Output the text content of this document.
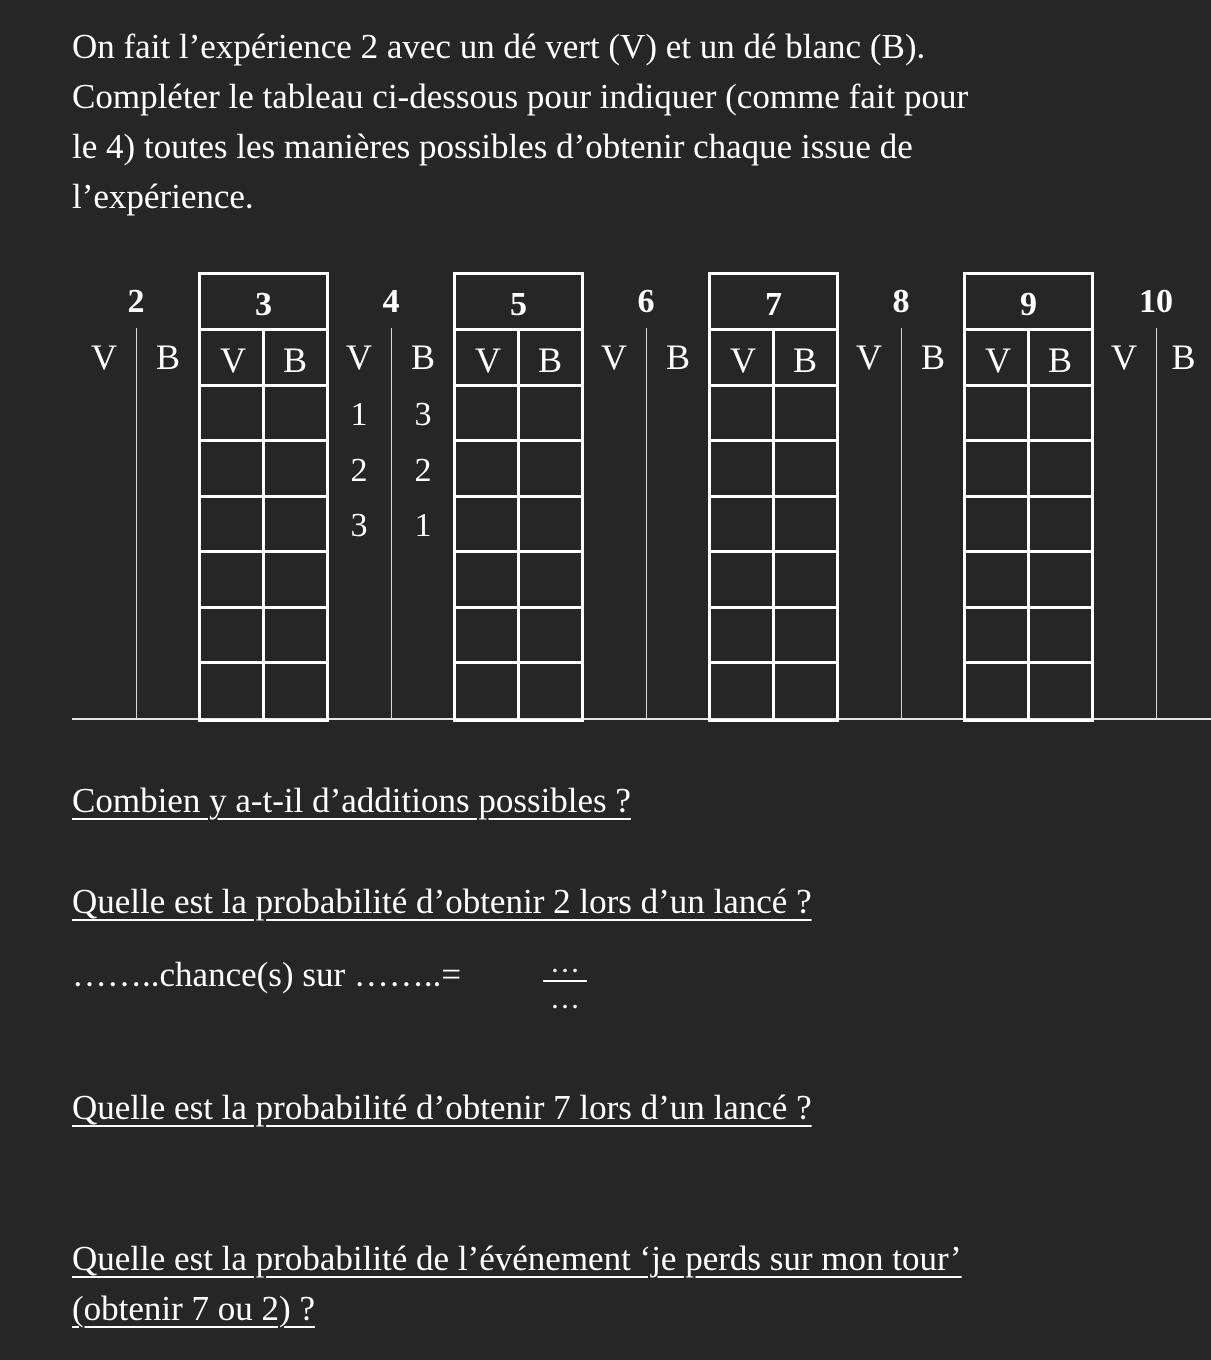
On fait l’expérience 2 avec un dé vert (V) et un dé blanc (B).
Compléter le tableau ci-dessous pour indiquer (comme fait pour
le 4) toutes les manières possibles d’obtenir chaque issue de
l’expérience.
2
V	B
3
V	B
4
V	B
1	3
2	2
3	1
5
V	B
6
V	B
7
V	B
8
V	B
9
V	B
10
V B

Combien y a-t-il d’additions possibles ?

Quelle est la probabilité d’obtenir 2 lors d’un lancé ?

……..chance(s) sur ……..=	…
…

Quelle est la probabilité d’obtenir 7 lors d’un lancé ?

Quelle est la probabilité de l’événement ‘je perds sur mon tour’
(obtenir 7 ou 2) ?
